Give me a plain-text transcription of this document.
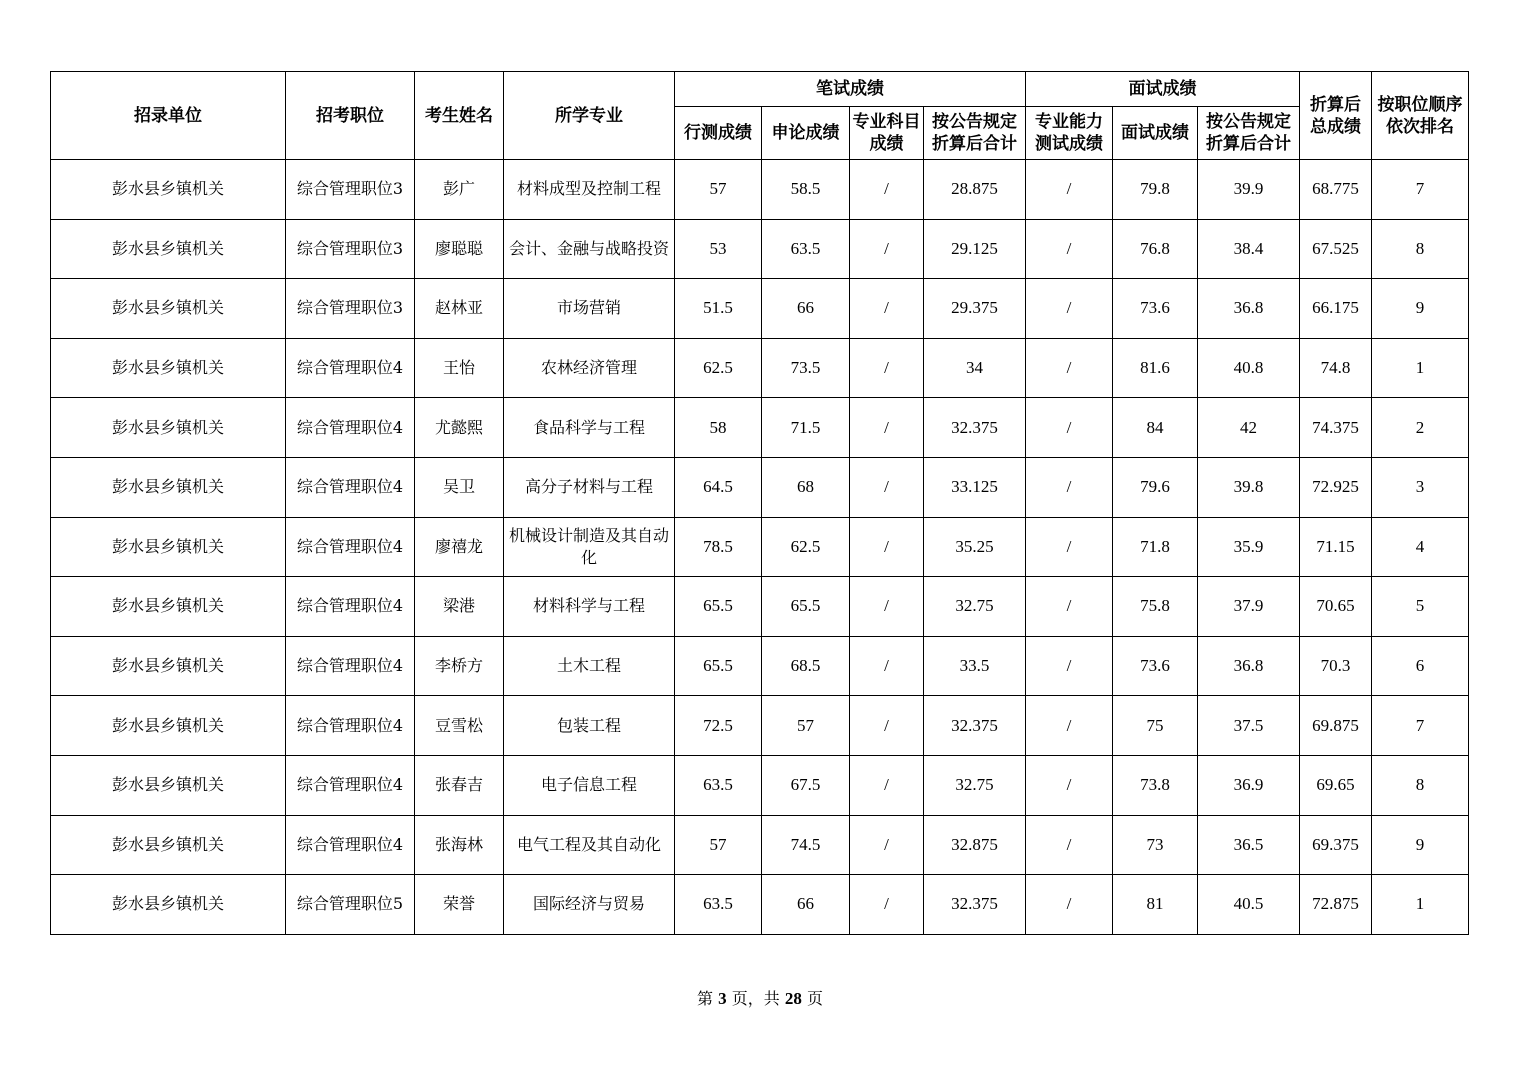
招录单位	招考职位	考生姓名	所学专业	笔试成绩				面试成绩			折算后总成绩	按职位顺序依次排名
				行测成绩	申论成绩	专业科目成绩	按公告规定折算后合计	专业能力测试成绩	面试成绩	按公告规定折算后合计		
彭水县乡镇机关	综合管理职位3	彭广	材料成型及控制工程	57	58.5	/	28.875	/	79.8	39.9	68.775	7
彭水县乡镇机关	综合管理职位3	廖聪聪	会计、金融与战略投资	53	63.5	/	29.125	/	76.8	38.4	67.525	8
彭水县乡镇机关	综合管理职位3	赵林亚	市场营销	51.5	66	/	29.375	/	73.6	36.8	66.175	9
彭水县乡镇机关	综合管理职位4	王怡	农林经济管理	62.5	73.5	/	34	/	81.6	40.8	74.8	1
彭水县乡镇机关	综合管理职位4	尤懿熙	食品科学与工程	58	71.5	/	32.375	/	84	42	74.375	2
彭水县乡镇机关	综合管理职位4	吴卫	高分子材料与工程	64.5	68	/	33.125	/	79.6	39.8	72.925	3
彭水县乡镇机关	综合管理职位4	廖禧龙	机械设计制造及其自动化	78.5	62.5	/	35.25	/	71.8	35.9	71.15	4
彭水县乡镇机关	综合管理职位4	梁港	材料科学与工程	65.5	65.5	/	32.75	/	75.8	37.9	70.65	5
彭水县乡镇机关	综合管理职位4	李桥方	土木工程	65.5	68.5	/	33.5	/	73.6	36.8	70.3	6
彭水县乡镇机关	综合管理职位4	豆雪松	包装工程	72.5	57	/	32.375	/	75	37.5	69.875	7
彭水县乡镇机关	综合管理职位4	张春吉	电子信息工程	63.5	67.5	/	32.75	/	73.8	36.9	69.65	8
彭水县乡镇机关	综合管理职位4	张海林	电气工程及其自动化	57	74.5	/	32.875	/	73	36.5	69.375	9
彭水县乡镇机关	综合管理职位5	荣誉	国际经济与贸易	63.5	66	/	32.375	/	81	40.5	72.875	1
第 3 页，共 28 页
